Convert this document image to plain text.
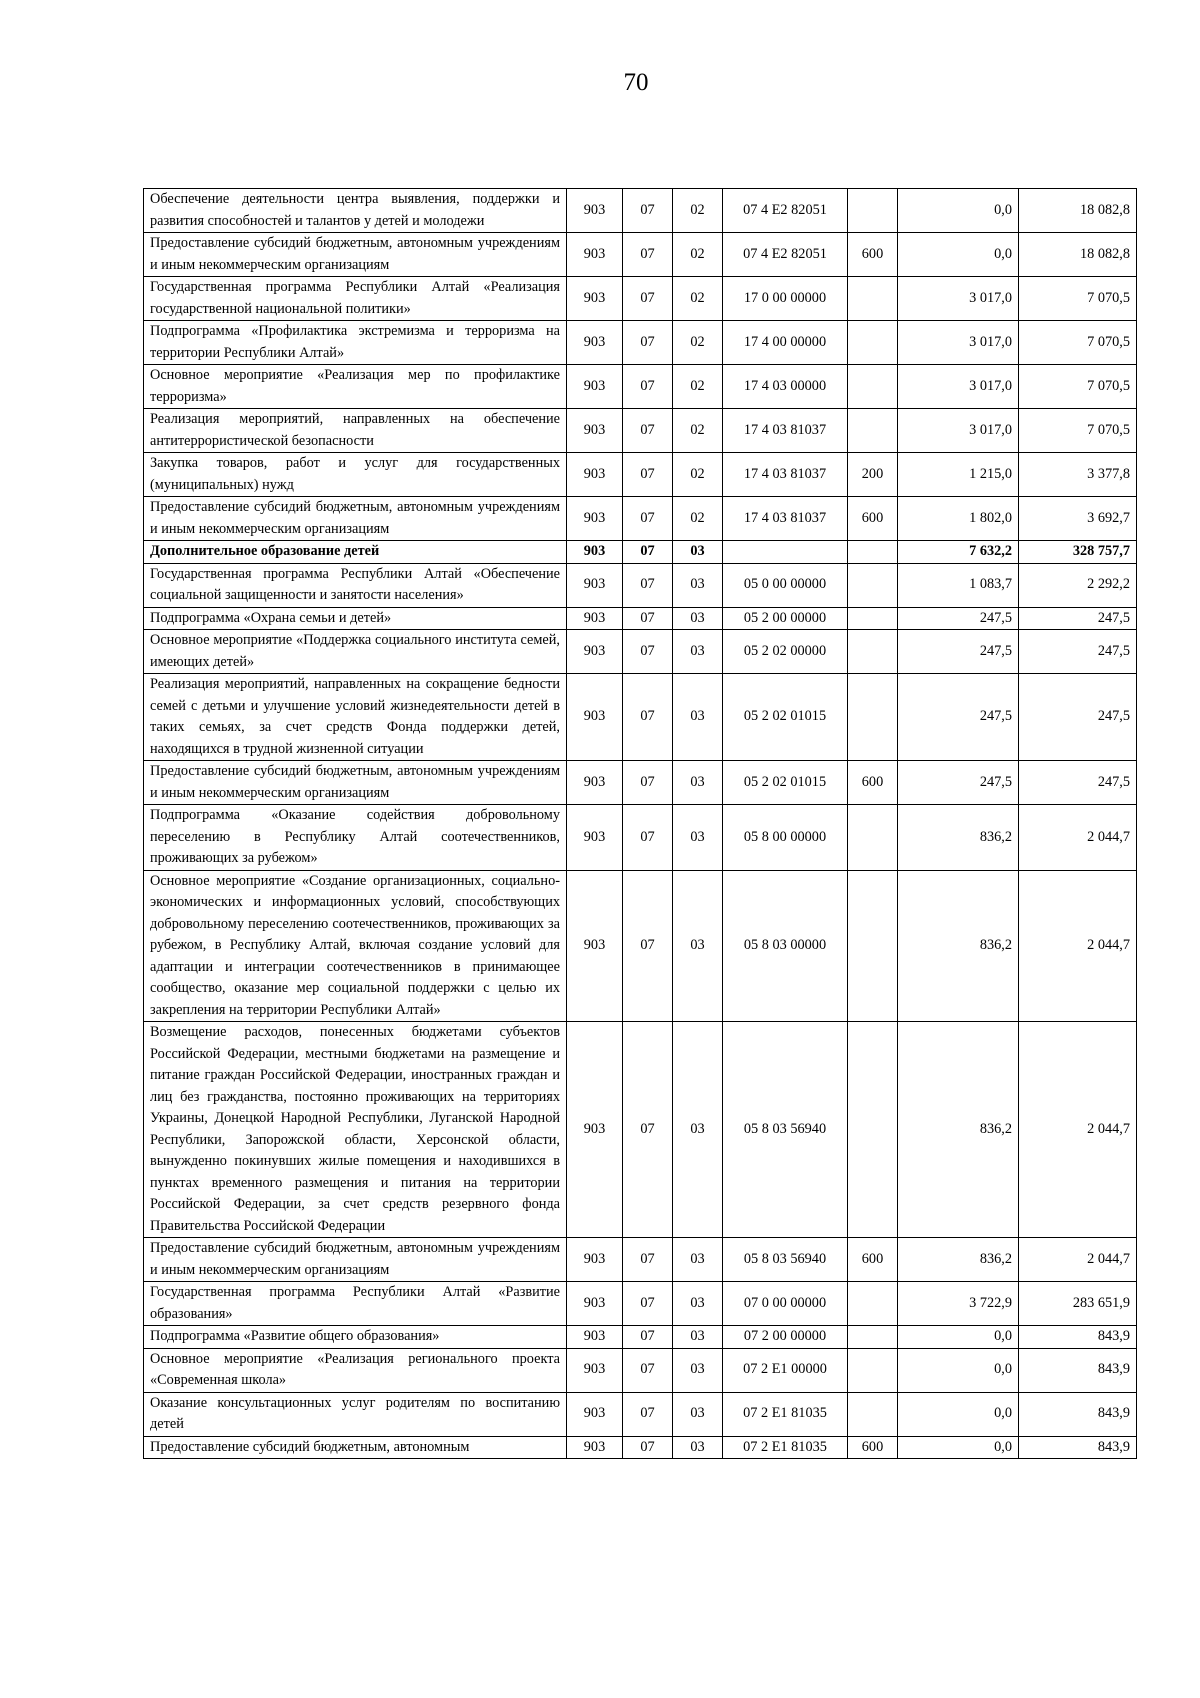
70
Обеспечение деятельности центра выявления, поддержки и развития способностей и талантов у детей и молодежи	903	07	02	07 4 E2 82051		0,0	18 082,8
Предоставление субсидий бюджетным, автономным учреждениям и иным некоммерческим организациям	903	07	02	07 4 E2 82051	600	0,0	18 082,8
Государственная программа Республики Алтай «Реализация государственной национальной политики»	903	07	02	17 0 00 00000		3 017,0	7 070,5
Подпрограмма «Профилактика экстремизма и терроризма на территории Республики Алтай»	903	07	02	17 4 00 00000		3 017,0	7 070,5
Основное мероприятие «Реализация мер по профилактике терроризма»	903	07	02	17 4 03 00000		3 017,0	7 070,5
Реализация мероприятий, направленных на обеспечение антитеррористической безопасности	903	07	02	17 4 03 81037		3 017,0	7 070,5
Закупка товаров, работ и услуг для государственных (муниципальных) нужд	903	07	02	17 4 03 81037	200	1 215,0	3 377,8
Предоставление субсидий бюджетным, автономным учреждениям и иным некоммерческим организациям	903	07	02	17 4 03 81037	600	1 802,0	3 692,7
Дополнительное образование детей	903	07	03			7 632,2	328 757,7
Государственная программа Республики Алтай «Обеспечение социальной защищенности и занятости населения»	903	07	03	05 0 00 00000		1 083,7	2 292,2
Подпрограмма «Охрана семьи и детей»	903	07	03	05 2 00 00000		247,5	247,5
Основное мероприятие «Поддержка социального института семей, имеющих детей»	903	07	03	05 2 02 00000		247,5	247,5
Реализация мероприятий, направленных на сокращение бедности семей с детьми и улучшение условий жизнедеятельности детей в таких семьях, за счет средств Фонда поддержки детей, находящихся в трудной жизненной ситуации	903	07	03	05 2 02 01015		247,5	247,5
Предоставление субсидий бюджетным, автономным учреждениям и иным некоммерческим организациям	903	07	03	05 2 02 01015	600	247,5	247,5
Подпрограмма «Оказание содействия добровольному переселению в Республику Алтай соотечественников, проживающих за рубежом»	903	07	03	05 8 00 00000		836,2	2 044,7
Основное мероприятие «Создание организационных, социально-экономических и информационных условий, способствующих добровольному переселению соотечественников, проживающих за рубежом, в Республику Алтай, включая создание условий для адаптации и интеграции соотечественников в принимающее сообщество, оказание мер социальной поддержки с целью их закрепления на территории Республики Алтай»	903	07	03	05 8 03 00000		836,2	2 044,7
Возмещение расходов, понесенных бюджетами субъектов Российской Федерации, местными бюджетами на размещение и питание граждан Российской Федерации, иностранных граждан и лиц без гражданства, постоянно проживающих на территориях Украины, Донецкой Народной Республики, Луганской Народной Республики, Запорожской области, Херсонской области, вынужденно покинувших жилые помещения и находившихся в пунктах временного размещения и питания на территории Российской Федерации, за счет средств резервного фонда Правительства Российской Федерации	903	07	03	05 8 03 56940		836,2	2 044,7
Предоставление субсидий бюджетным, автономным учреждениям и иным некоммерческим организациям	903	07	03	05 8 03 56940	600	836,2	2 044,7
Государственная программа Республики Алтай «Развитие образования»	903	07	03	07 0 00 00000		3 722,9	283 651,9
Подпрограмма «Развитие общего образования»	903	07	03	07 2 00 00000		0,0	843,9
Основное мероприятие «Реализация регионального проекта «Современная школа»	903	07	03	07 2 E1 00000		0,0	843,9
Оказание консультационных услуг родителям по воспитанию детей	903	07	03	07 2 E1 81035		0,0	843,9
Предоставление субсидий бюджетным, автономным	903	07	03	07 2 E1 81035	600	0,0	843,9
